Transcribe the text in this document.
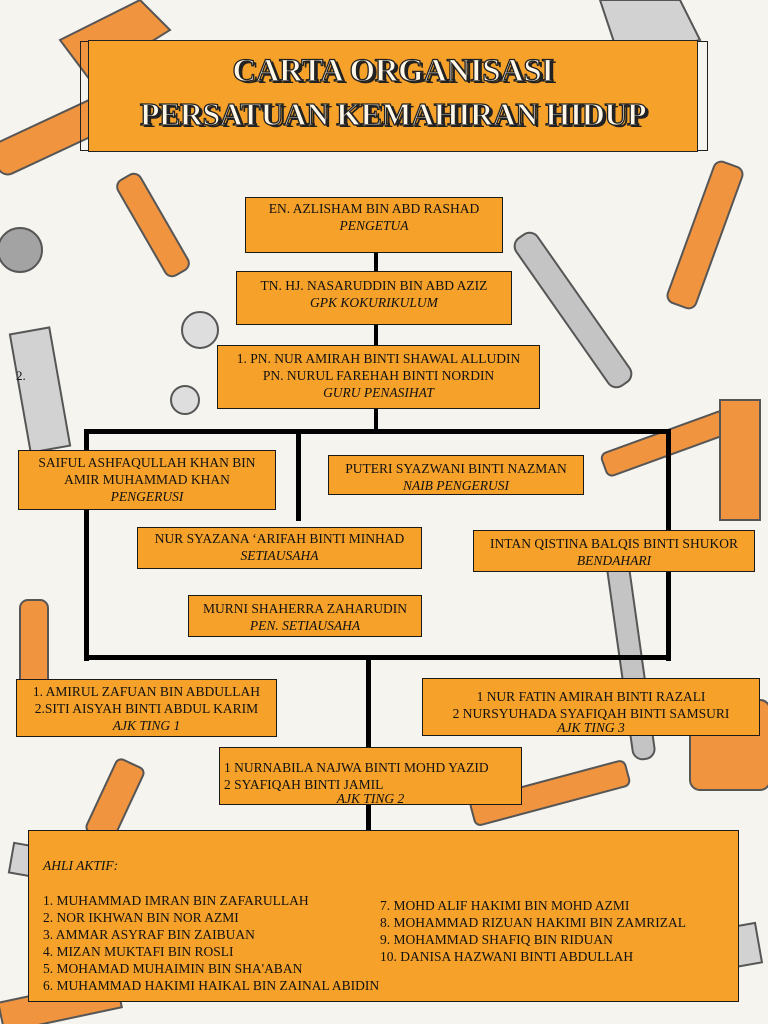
CARTA ORGANISASI
PERSATUAN KEMAHIRAN HIDUP
2.
EN. AZLISHAM BIN ABD RASHAD
PENGETUA
TN. HJ. NASARUDDIN BIN ABD AZIZ
GPK KOKURIKULUM
1. PN. NUR AMIRAH BINTI SHAWAL ALLUDIN
PN. NURUL FAREHAH BINTI NORDIN
GURU PENASIHAT
SAIFUL ASHFAQULLAH KHAN BIN
AMIR MUHAMMAD KHAN
PENGERUSI
PUTERI SYAZWANI BINTI NAZMAN
NAIB PENGERUSI
NUR SYAZANA ‘ARIFAH BINTI MINHAD
SETIAUSAHA
INTAN QISTINA BALQIS BINTI SHUKOR
BENDAHARI
MURNI SHAHERRA ZAHARUDIN
PEN. SETIAUSAHA
1. AMIRUL ZAFUAN BIN ABDULLAH
2.SITI AISYAH BINTI ABDUL KARIM
AJK TING 1
1 NUR FATIN AMIRAH BINTI RAZALI
2 NURSYUHADA SYAFIQAH BINTI SAMSURI
AJK TING 3
1 NURNABILA NAJWA BINTI MOHD YAZID
2 SYAFIQAH BINTI JAMIL
AJK TING 2
AHLI AKTIF:
1. MUHAMMAD IMRAN BIN ZAFARULLAH
2. NOR IKHWAN BIN NOR AZMI
3. AMMAR ASYRAF BIN ZAIBUAN
4. MIZAN MUKTAFI BIN ROSLI
5. MOHAMAD MUHAIMIN BIN SHA'ABAN
6. MUHAMMAD HAKIMI HAIKAL BIN ZAINAL ABIDIN
7. MOHD ALIF HAKIMI BIN MOHD AZMI
8. MOHAMMAD RIZUAN HAKIMI BIN ZAMRIZAL
9. MOHAMMAD SHAFIQ BIN RIDUAN
10. DANISA HAZWANI BINTI ABDULLAH
